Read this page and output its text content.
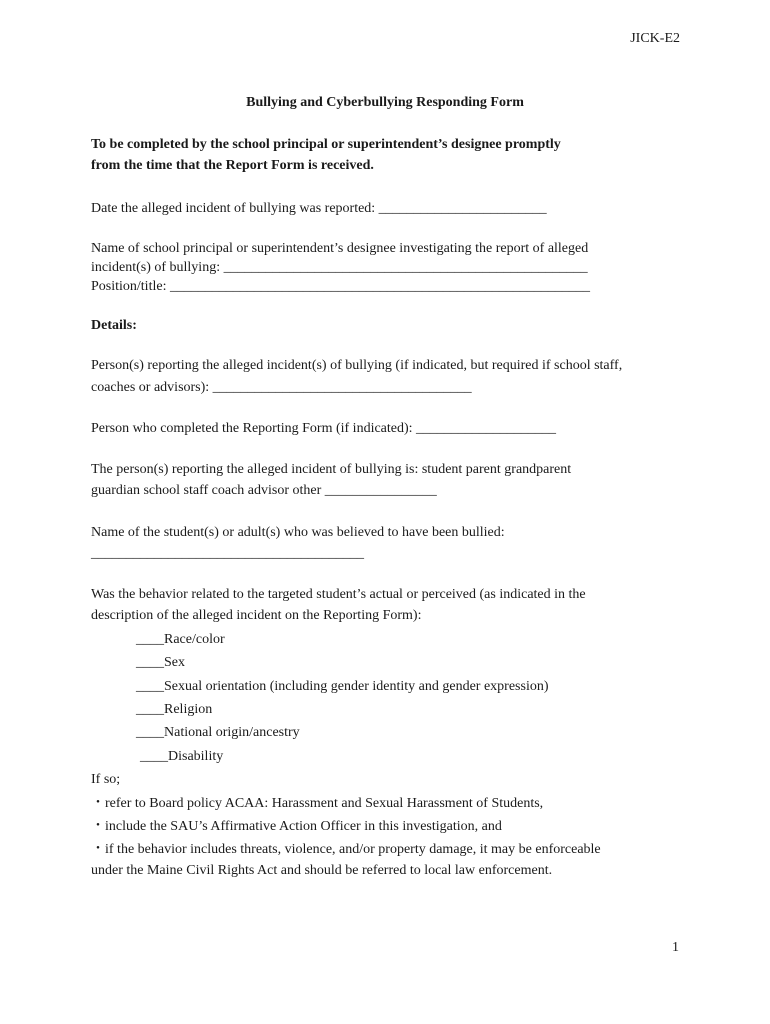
JICK-E2
Bullying and Cyberbullying Responding Form
To be completed by the school principal or superintendent’s designee promptly
from the time that the Report Form is received.
Date the alleged incident of bullying was reported: ________________________
Name of school principal or superintendent’s designee investigating the report of alleged
incident(s) of bullying: ____________________________________________________
Position/title: ____________________________________________________________
Details:
Person(s) reporting the alleged incident(s) of bullying (if indicated, but required if school staff,
coaches or advisors): _____________________________________
Person who completed the Reporting Form (if indicated): ____________________
The person(s) reporting the alleged incident of bullying is: student parent grandparent
guardian school staff coach advisor other ________________
Name of the student(s) or adult(s) who was believed to have been bullied:
_______________________________________
Was the behavior related to the targeted student’s actual or perceived (as indicated in the
description of the alleged incident on the Reporting Form):
____Race/color
____Sex
____Sexual orientation (including gender identity and gender expression)
____Religion
____National origin/ancestry
____Disability
If so;
・refer to Board policy ACAA: Harassment and Sexual Harassment of Students,
・include the SAU’s Affirmative Action Officer in this investigation, and
・if the behavior includes threats, violence, and/or property damage, it may be enforceable
under the Maine Civil Rights Act and should be referred to local law enforcement.
1
